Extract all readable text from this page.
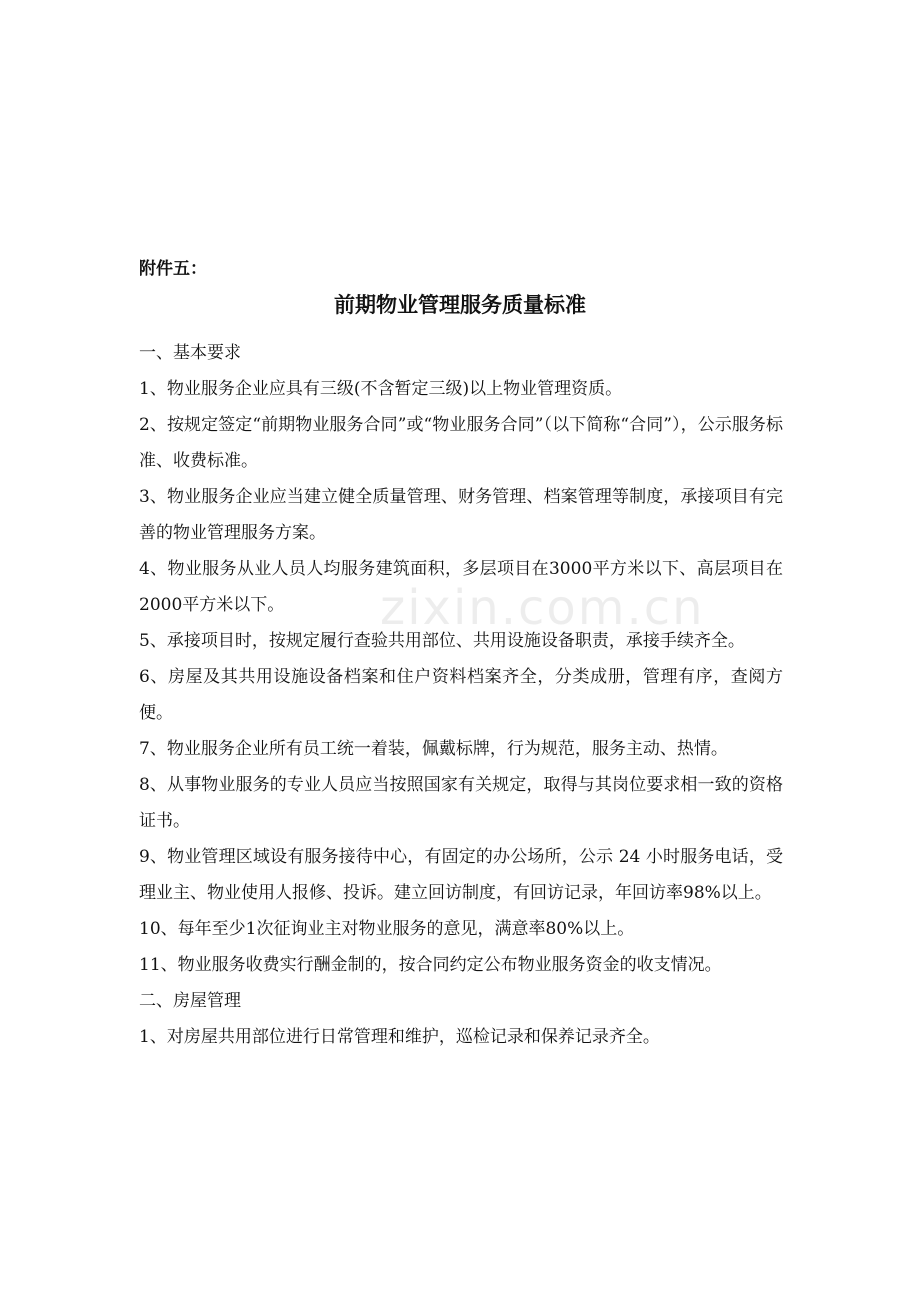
附件五：
前期物业管理服务质量标准

一、基本要求

1、物业服务企业应具有三级(不含暂定三级)以上物业管理资质。

2、按规定签定“前期物业服务合同”或“物业服务合同”（以下简称“合同”），公示服务标准、收费标准。

3、物业服务企业应当建立健全质量管理、财务管理、档案管理等制度，承接项目有完善的物业管理服务方案。

4、物业服务从业人员人均服务建筑面积，多层项目在3000平方米以下、高层项目在2000平方米以下。

5、承接项目时，按规定履行查验共用部位、共用设施设备职责，承接手续齐全。

6、房屋及其共用设施设备档案和住户资料档案齐全，分类成册，管理有序，查阅方便。

7、物业服务企业所有员工统一着装，佩戴标牌，行为规范，服务主动、热情。

8、从事物业服务的专业人员应当按照国家有关规定，取得与其岗位要求相一致的资格证书。

9、物业管理区域设有服务接待中心，有固定的办公场所，公示 24 小时服务电话，受理业主、物业使用人报修、投诉。建立回访制度，有回访记录，年回访率98%以上。

10、每年至少1次征询业主对物业服务的意见，满意率80%以上。

11、物业服务收费实行酬金制的，按合同约定公布物业服务资金的收支情况。

二、房屋管理

1、对房屋共用部位进行日常管理和维护，巡检记录和保养记录齐全。

zixin.com.cn
